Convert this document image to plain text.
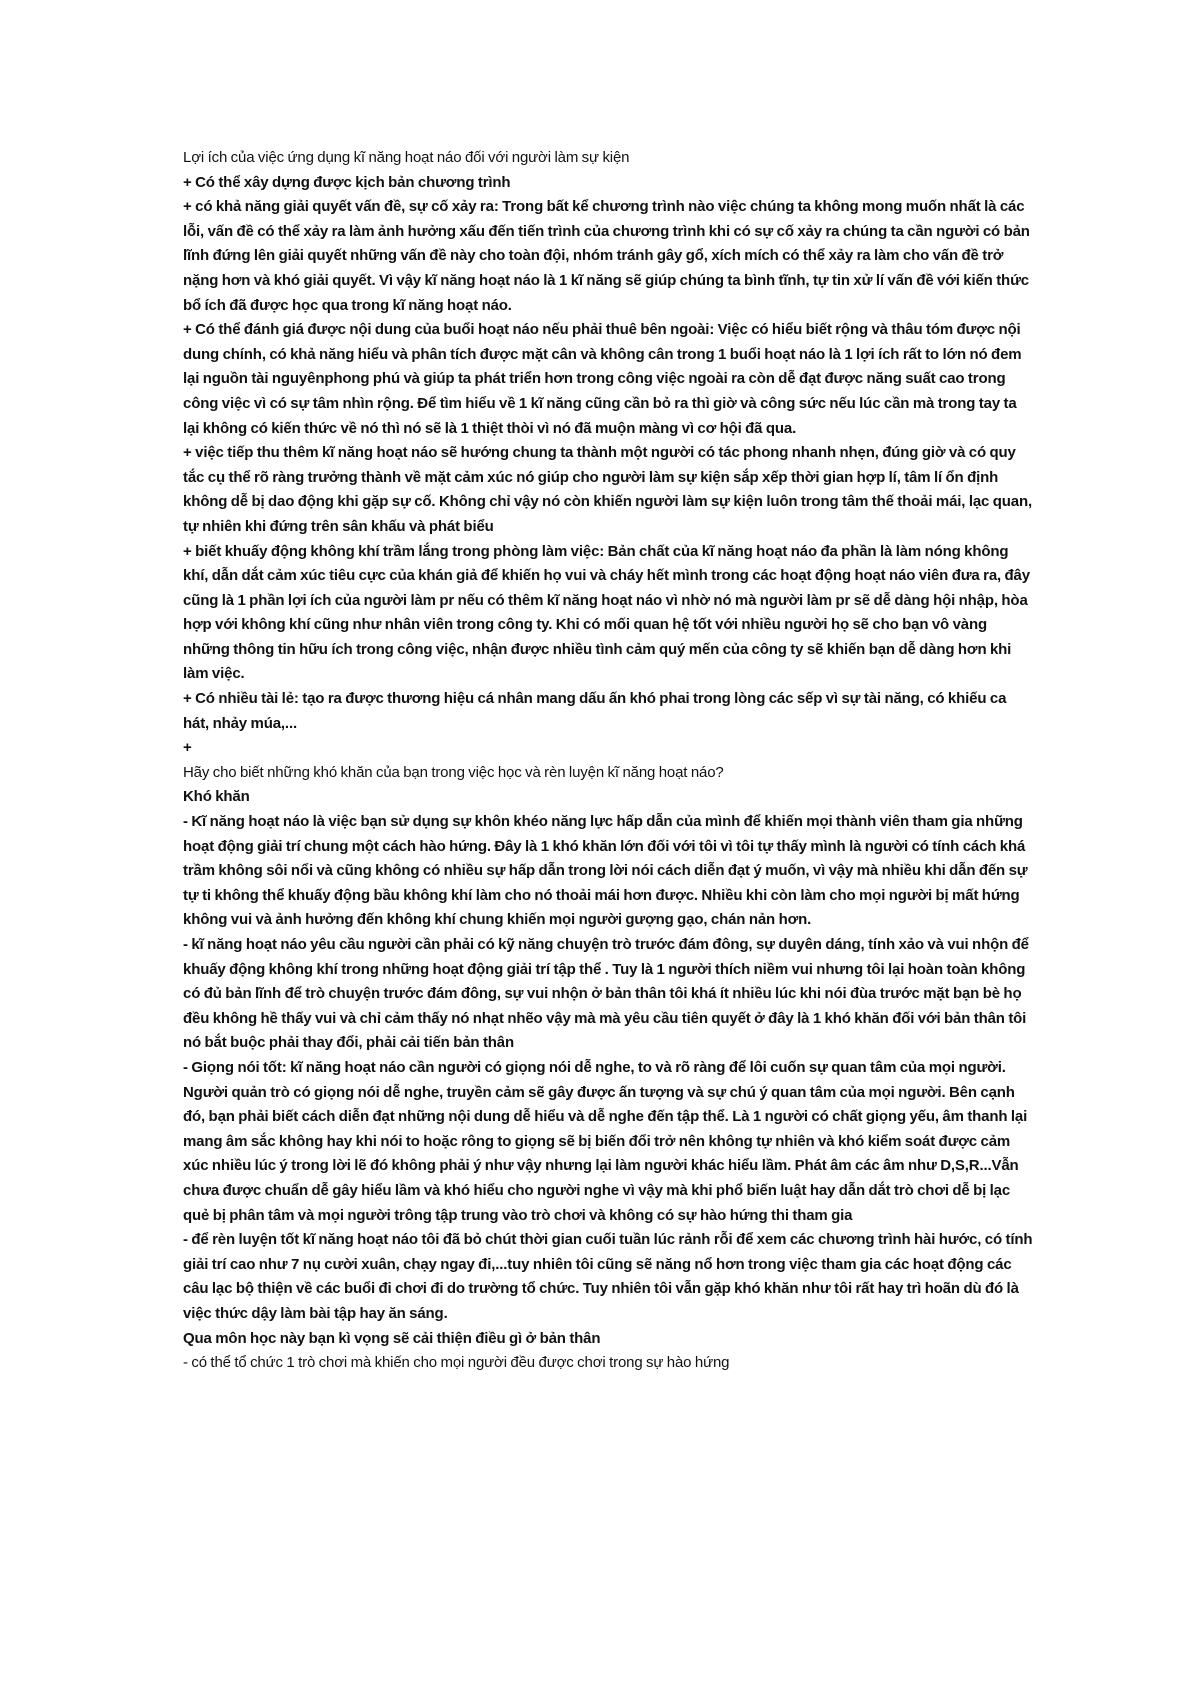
Lợi ích của việc ứng dụng kĩ năng hoạt náo đối với người làm sự kiện

+ Có thể xây dựng được kịch bản chương trình

+ có khả năng giải quyết vấn đề, sự cố xảy ra: Trong bất kể chương trình nào việc chúng ta không mong muốn nhất là các lỗi, vấn đề có thể xảy ra làm ảnh hưởng xấu đến tiến trình của chương trình khi có sự cố xảy ra chúng ta cần người có bản lĩnh đứng lên giải quyết những vấn đề này cho toàn đội, nhóm tránh gây gổ, xích mích có thể xảy ra làm cho vấn đề trở nặng hơn và khó giải quyết. Vì vậy kĩ năng hoạt náo là 1 kĩ năng sẽ giúp chúng ta bình tĩnh, tự tin xử lí vấn đề với kiến thức bổ ích đã được học qua trong kĩ năng hoạt náo.

+ Có thể đánh giá được nội dung của buổi hoạt náo nếu phải thuê bên ngoài: Việc có hiểu biết rộng và thâu tóm được nội dung chính, có khả năng hiểu và phân tích được mặt cân và không cân trong 1 buổi hoạt náo là 1 lợi ích rất to lớn nó đem lại nguồn tài nguyênphong phú và giúp ta phát triển hơn trong công việc ngoài ra còn dễ đạt được năng suất cao trong công việc vì có sự tâm nhìn rộng. Để tìm hiểu về 1 kĩ năng cũng cần bỏ ra thì giờ và công sức nếu lúc cần mà trong tay ta lại không có kiến thức về nó thì nó sẽ là 1 thiệt thòi vì nó đã muộn màng vì cơ hội đã qua.

+ việc tiếp thu thêm kĩ năng hoạt náo sẽ hướng chung ta thành một người có tác phong nhanh nhẹn, đúng giờ và có quy tắc cụ thể rõ ràng trưởng thành về mặt cảm xúc nó giúp cho người làm sự kiện sắp xếp thời gian hợp lí, tâm lí ổn định không dễ bị dao động khi gặp sự cố. Không chỉ vậy nó còn khiến người làm sự kiện luôn trong tâm thế thoải mái, lạc quan, tự nhiên khi đứng trên sân khấu và phát biểu

+ biết khuấy động không khí trầm lắng trong phòng làm việc: Bản chất của kĩ năng hoạt náo đa phần là làm nóng không khí, dẫn dắt cảm xúc tiêu cực của khán giả để khiến họ vui và cháy hết mình trong các hoạt động hoạt náo viên đưa ra, đây cũng là 1 phần lợi ích của người làm pr nếu có thêm kĩ năng hoạt náo vì nhờ nó mà người làm pr sẽ dễ dàng hội nhập, hòa hợp với không khí cũng như nhân viên trong công ty. Khi có mối quan hệ tốt với nhiều người họ sẽ cho bạn vô vàng những thông tin hữu ích trong công việc, nhận được nhiều tình cảm quý mến của công ty sẽ khiến bạn dễ dàng hơn khi làm việc.

+ Có nhiều tài lẻ: tạo ra được thương hiệu cá nhân mang dấu ấn khó phai trong lòng các sếp vì sự tài năng, có khiếu ca hát, nhảy múa,...

+

Hãy cho biết những khó khăn của bạn trong việc học và rèn luyện kĩ năng hoạt náo?

Khó khăn

- Kĩ năng hoạt náo là việc bạn sử dụng sự khôn khéo năng lực hấp dẫn của mình để khiến mọi thành viên tham gia những hoạt động giải trí chung một cách hào hứng. Đây là 1 khó khăn lớn đối với tôi vì tôi tự thấy mình là người có tính cách khá trầm không sôi nổi và cũng không có nhiều sự hấp dẫn trong lời nói cách diễn đạt ý muốn, vì vậy mà nhiều khi dẫn đến sự tự ti không thể khuấy động bầu không khí làm cho nó thoải mái hơn được. Nhiều khi còn làm cho mọi người bị mất hứng không vui và ảnh hưởng đến không khí chung khiến mọi người gượng gạo, chán nản hơn.

- kĩ năng hoạt náo yêu cầu người cần phải có kỹ năng chuyện trò trước đám đông, sự duyên dáng, tính xảo và vui nhộn để khuấy động không khí trong những hoạt động giải trí tập thể . Tuy là 1 người thích niềm vui nhưng tôi lại hoàn toàn không có đủ bản lĩnh để trò chuyện trước đám đông, sự vui nhộn ở bản thân tôi khá ít nhiều lúc khi nói đùa trước mặt bạn bè họ đều không hề thấy vui và chỉ cảm thấy nó nhạt nhẽo vậy mà mà yêu cầu tiên quyết ở đây là 1 khó khăn đối với bản thân tôi nó bắt buộc phải thay đổi, phải cải tiến bản thân

- Giọng nói tốt: kĩ năng hoạt náo cần người có giọng nói dễ nghe, to và rõ ràng để lôi cuốn sự quan tâm của mọi người. Người quản trò có giọng nói dễ nghe, truyền cảm sẽ gây được ấn tượng và sự chú ý quan tâm của mọi người. Bên cạnh đó, bạn phải biết cách diễn đạt những nội dung dễ hiểu và dễ nghe đến tập thể. Là 1 người có chất giọng yếu, âm thanh lại mang âm sắc không hay khi nói to hoặc rông to giọng sẽ bị biến đổi trở nên không tự nhiên và khó kiểm soát được cảm xúc nhiều lúc ý trong lời lẽ đó không phải ý như vậy nhưng lại làm người khác hiểu lầm. Phát âm các âm như D,S,R...Vẫn chưa được chuẩn dễ gây hiểu lầm và khó hiểu cho người nghe vì vậy mà khi phổ biến luật hay dẫn dắt trò chơi dễ bị lạc quẻ bị phân tâm và mọi người trông tập trung vào trò chơi và không có sự hào hứng thi tham gia

- để rèn luyện tốt kĩ năng hoạt náo tôi đã bỏ chút thời gian cuối tuần lúc rảnh rỗi để xem các chương trình hài hước, có tính giải trí cao như 7 nụ cười xuân, chạy ngay đi,...tuy nhiên tôi cũng sẽ năng nổ hơn trong việc tham gia các hoạt động các câu lạc bộ thiện về các buổi đi chơi đi do trường tổ chức. Tuy nhiên tôi vẫn gặp khó khăn như tôi rất hay trì hoãn dù đó là việc thức dậy làm bài tập hay ăn sáng.

Qua môn học này bạn kì vọng sẽ cải thiện điều gì ở bản thân

- có thể tổ chức 1 trò chơi mà khiến cho mọi người đều được chơi trong sự hào hứng
